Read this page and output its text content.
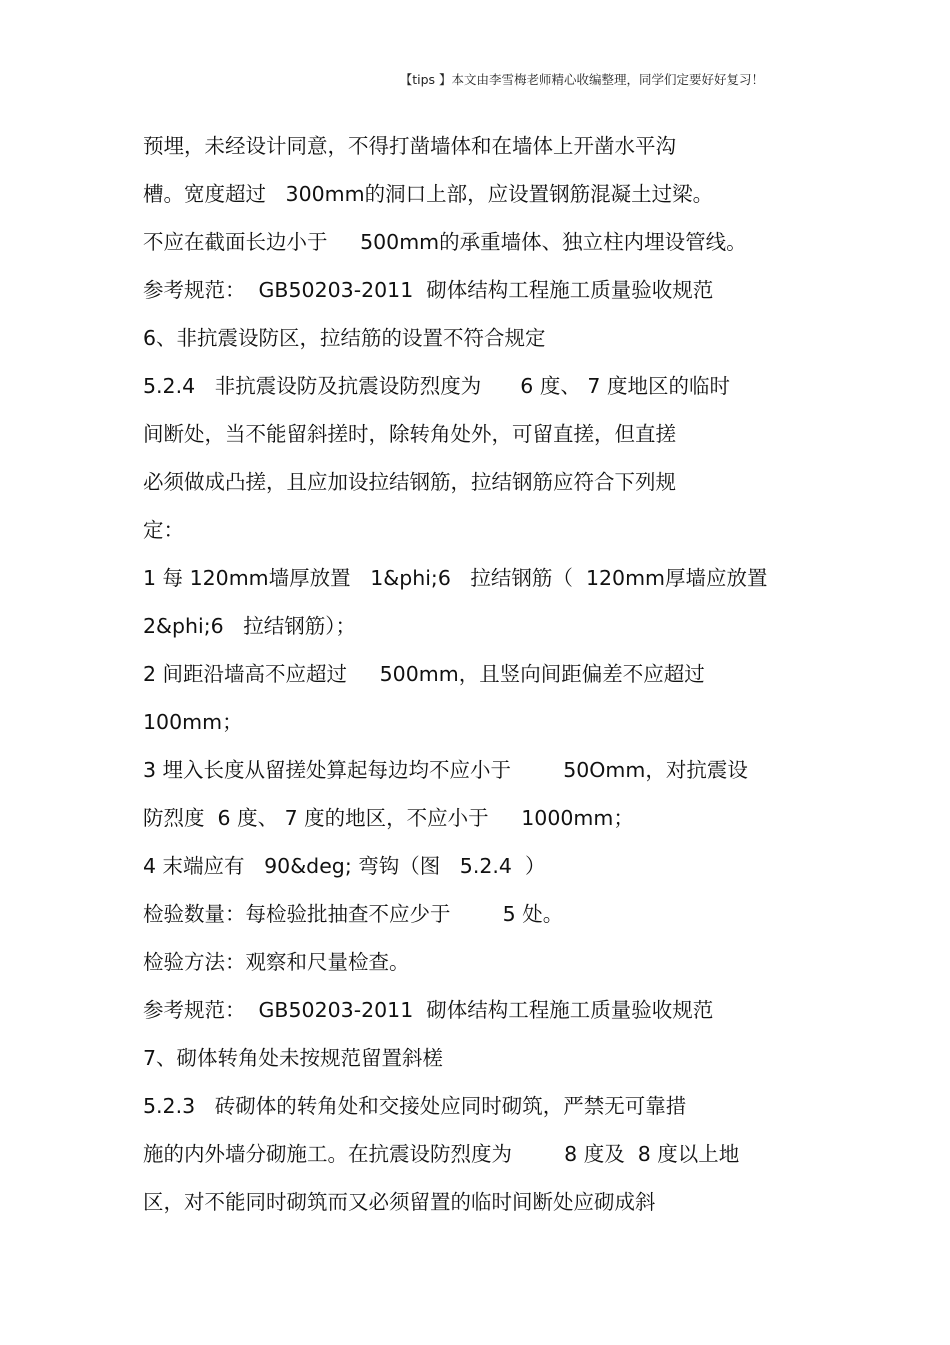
【tips 】本文由李雪梅老师精心收编整理，同学们定要好好复习！
预埋，未经设计同意，不得打凿墙体和在墙体上开凿水平沟
槽。宽度超过   300mm的洞口上部，应设置钢筋混凝土过梁。
不应在截面长边小于     500mm的承重墙体、独立柱内埋设管线。
参考规范：  GB50203-2011  砌体结构工程施工质量验收规范
6、非抗震设防区，拉结筋的设置不符合规定
5.2.4   非抗震设防及抗震设防烈度为      6 度、 7 度地区的临时
间断处，当不能留斜搓时，除转角处外，可留直搓，但直搓
必须做成凸搓，且应加设拉结钢筋，拉结钢筋应符合下列规
定：
1 每 120mm墙厚放置   1&phi;6   拉结钢筋（  120mm厚墙应放置
2&phi;6   拉结钢筋）；
2 间距沿墙高不应超过     500mm，且竖向间距偏差不应超过
100mm；
3 埋入长度从留搓处算起每边均不应小于        50Omm，对抗震设
防烈度  6 度、 7 度的地区，不应小于     1000mm；
4 末端应有   90&deg; 弯钩（图   5.2.4  ）
检验数量：每检验批抽查不应少于        5 处。
检验方法：观察和尺量检查。
参考规范：  GB50203-2011  砌体结构工程施工质量验收规范
7、砌体转角处未按规范留置斜槎
5.2.3   砖砌体的转角处和交接处应同时砌筑，严禁无可靠措
施的内外墙分砌施工。在抗震设防烈度为        8 度及  8 度以上地
区，对不能同时砌筑而又必须留置的临时间断处应砌成斜
